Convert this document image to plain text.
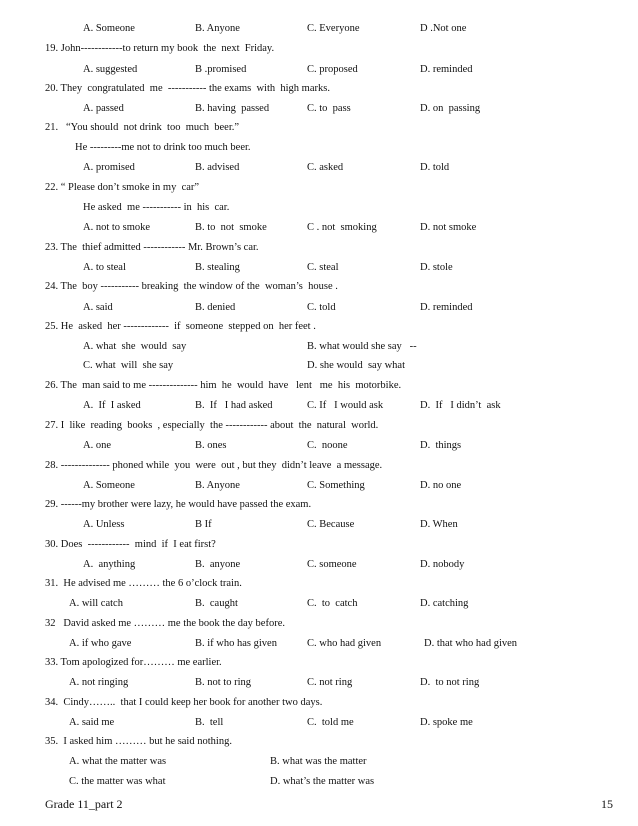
A. Someone	B. Anyone	C. Everyone	D .Not one
19. John------------to return my book  the  next  Friday.
A. suggested	B .promised	C. proposed	D. reminded
20. They  congratulated  me  ----------- the exams  with  high marks.
A. passed	B. having  passed	C. to  pass	D. on  passing
21.   “You should  not drink  too  much  beer.”
He ---------me not to drink too much beer.
A. promised	B. advised	C. asked	D. told
22. “ Please don’t smoke in my  car”
He asked  me ----------- in  his  car.
A. not to smoke	B. to  not  smoke	C . not  smoking	D. not smoke
23. The  thief admitted ------------ Mr. Brown’s car.
A. to steal	B. stealing	C. steal	D. stole
24. The  boy ----------- breaking  the window of the  woman’s  house .
A. said	B. denied	C. told	D. reminded
25. He  asked  her -------------  if  someone  stepped on  her feet .
A. what  she  would  say	B. what would she say   --
C. what  will  she say	D. she would  say what
26. The  man said to me -------------- him  he  would  have   lent   me  his  motorbike.
A.  If  I asked	B.  If   I had asked	C. If   I would ask	D.  If   I didn’t  ask
27. I  like  reading  books  , especially  the ------------ about  the  natural  world.
A. one	B. ones	C.  noone	D.  things
28. -------------- phoned while  you  were  out , but they  didn’t leave  a message.
A. Someone	B. Anyone	C. Something	D. no one
29. ------my brother were lazy, he would have passed the exam.
A. Unless	B If	C. Because	D. When
30. Does  ------------  mind  if  I eat first?
A.  anything	B.  anyone	C. someone	D. nobody
31.  He advised me ……… the 6 o’clock train.
A. will catch	B.  caught	C.  to  catch	D. catching
32   David asked me ……… me the book the day before.
A. if who gave	B. if who has given	C. who had given	D. that who had given
33. Tom apologized for……… me earlier.
A. not ringing	B. not to ring	C. not ring	D.  to not ring
34.  Cindy……..  that I could keep her book for another two days.
A. said me	B.  tell	C.  told me	D. spoke me
35.  I asked him ……… but he said nothing.
A. what the matter was	B. what was the matter
C. the matter was what	D. what’s the matter was
Grade 11_part 2	15
